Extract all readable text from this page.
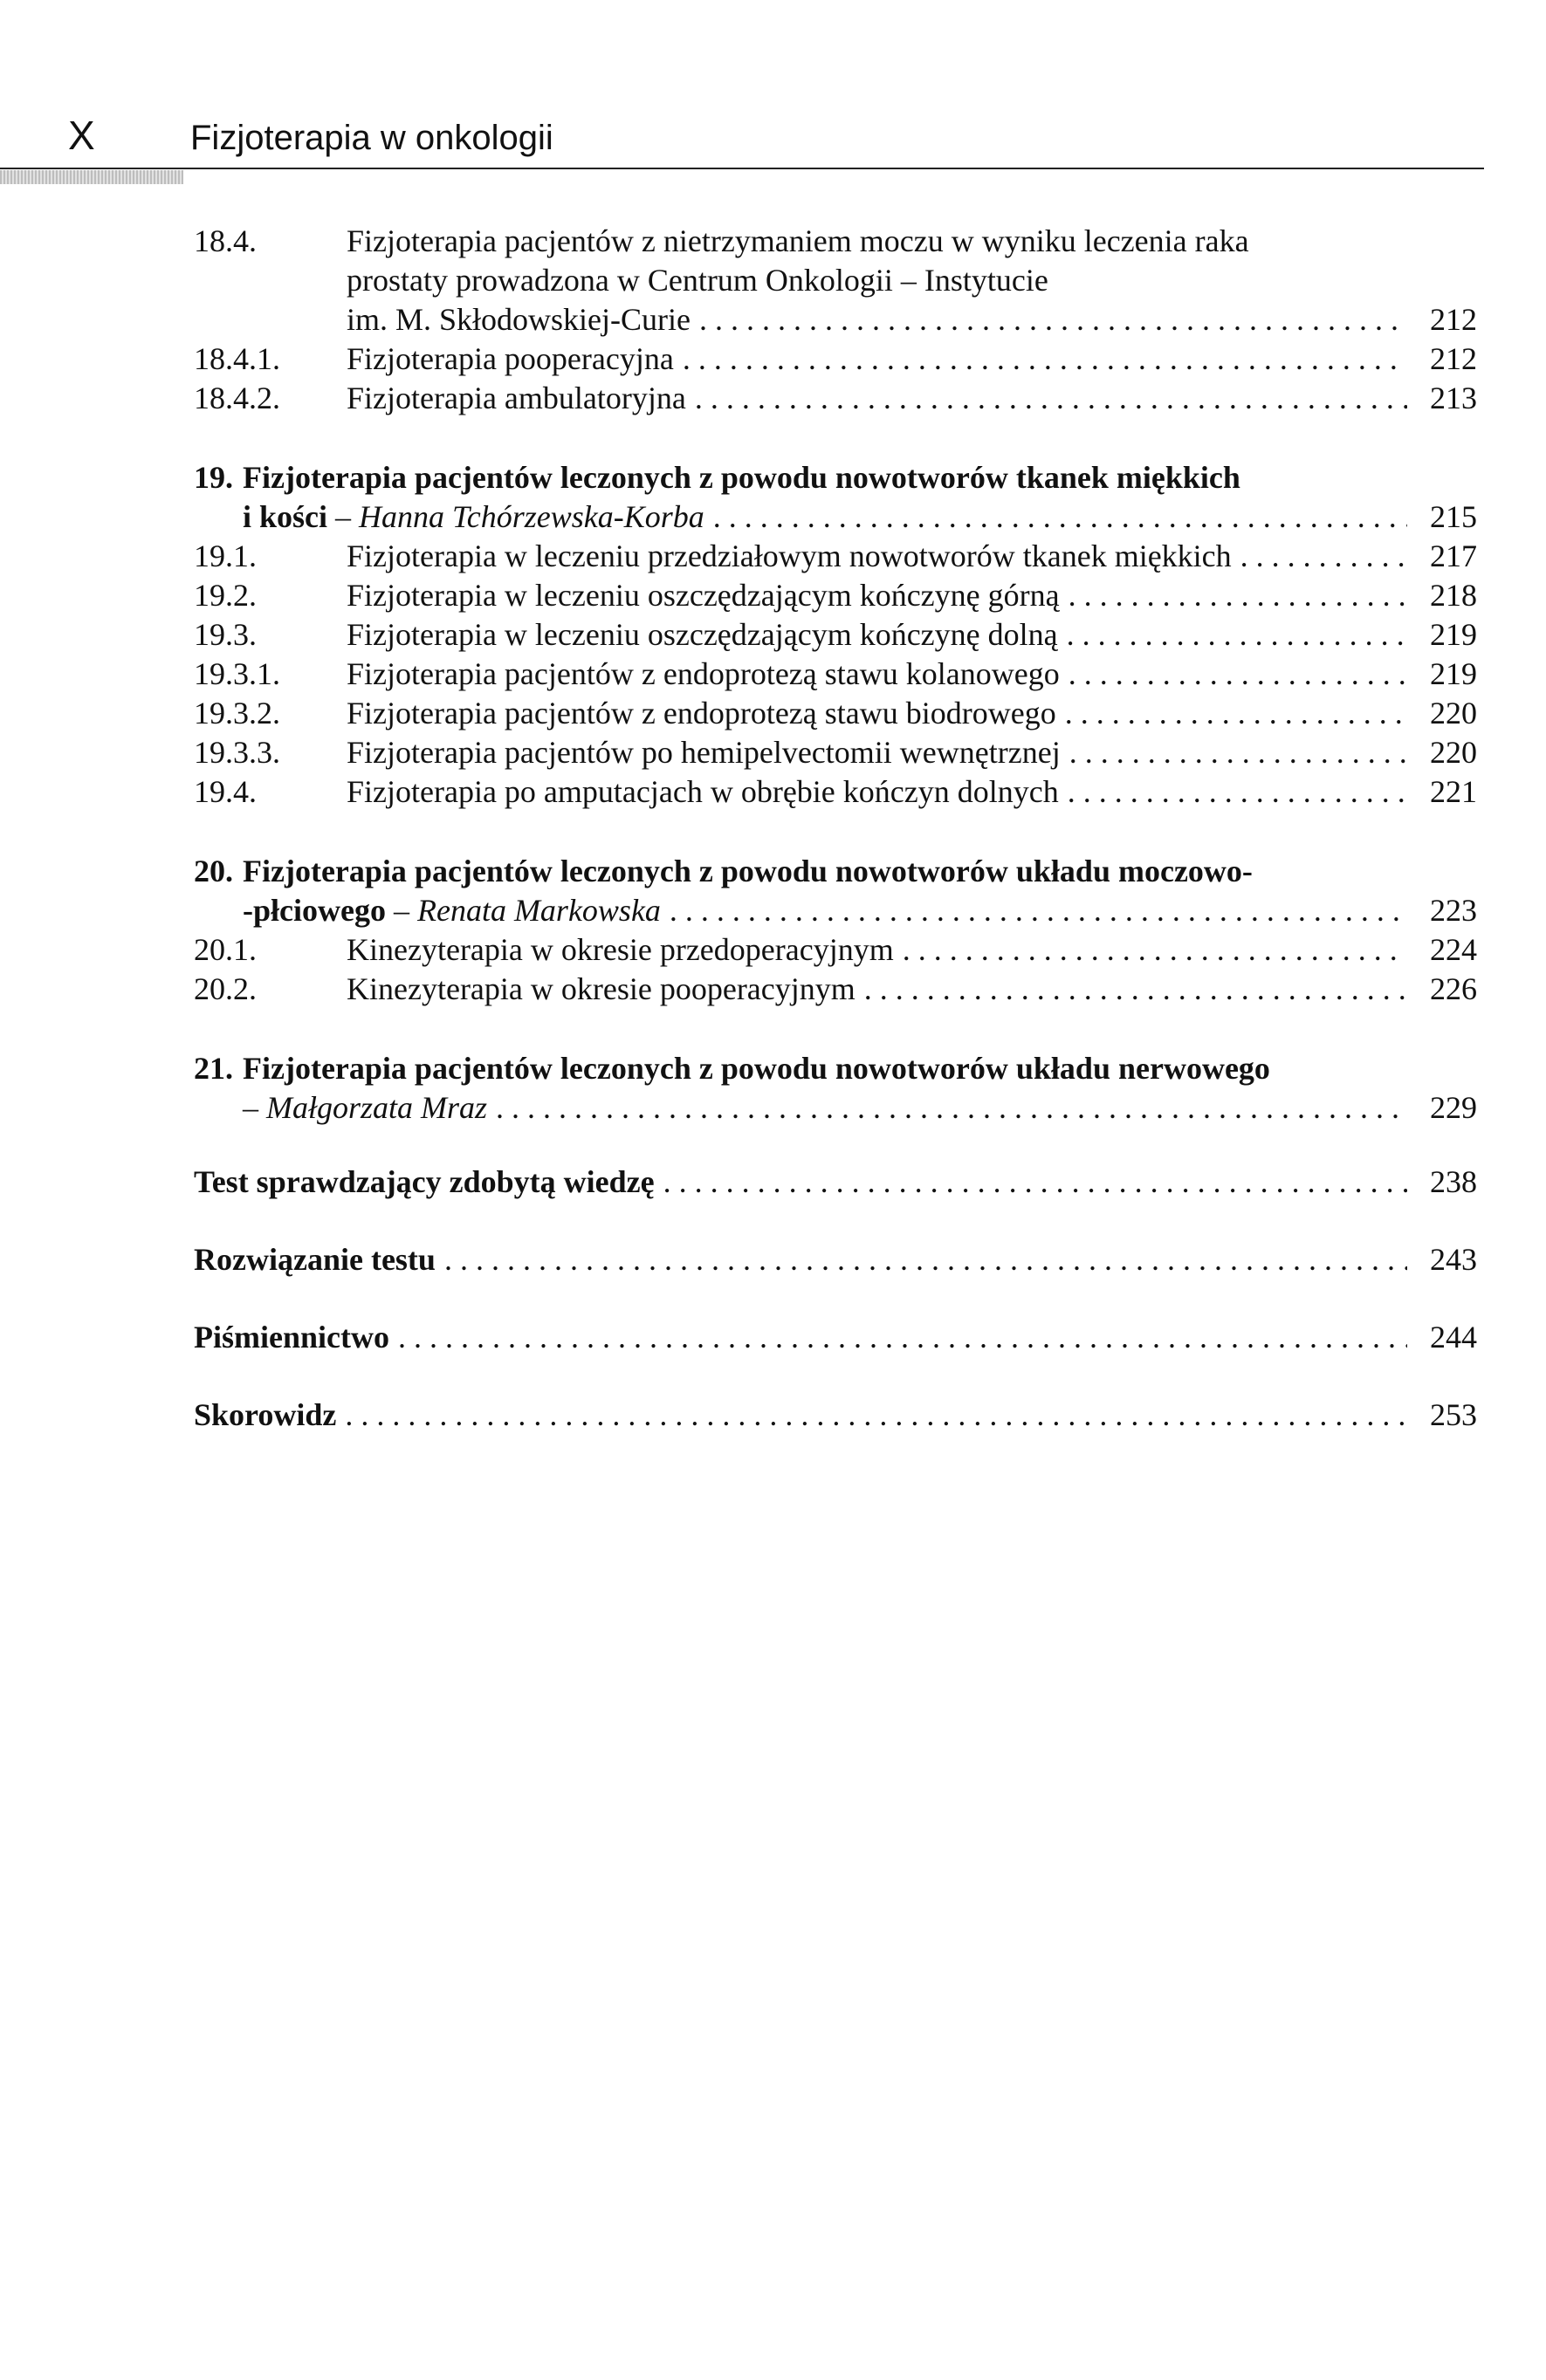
X	Fizjoterapia w onkologii
18.4.	Fizjoterapia pacjentów z nietrzymaniem moczu w wyniku leczenia raka
prostaty prowadzona w Centrum Onkologii – Instytucie
im. M. Skłodowskiej-Curie . . .	212
18.4.1.	Fizjoterapia pooperacyjna . . .	212
18.4.2.	Fizjoterapia ambulatoryjna . . .	213
19. Fizjoterapia pacjentów leczonych z powodu nowotworów tkanek miękkich
i kości – Hanna Tchórzewska-Korba . . .	215
19.1.	Fizjoterapia w leczeniu przedziałowym nowotworów tkanek miękkich . . .	217
19.2.	Fizjoterapia w leczeniu oszczędzającym kończynę górną . . .	218
19.3.	Fizjoterapia w leczeniu oszczędzającym kończynę dolną . . .	219
19.3.1.	Fizjoterapia pacjentów z endoprotezą stawu kolanowego . . .	219
19.3.2.	Fizjoterapia pacjentów z endoprotezą stawu biodrowego . . .	220
19.3.3.	Fizjoterapia pacjentów po hemipelvectomii wewnętrznej . . .	220
19.4.	Fizjoterapia po amputacjach w obrębie kończyn dolnych . . .	221
20. Fizjoterapia pacjentów leczonych z powodu nowotworów układu moczowo-
-płciowego – Renata Markowska . . .	223
20.1.	Kinezyterapia w okresie przedoperacyjnym . . .	224
20.2.	Kinezyterapia w okresie pooperacyjnym . . .	226
21. Fizjoterapia pacjentów leczonych z powodu nowotworów układu nerwowego
– Małgorzata Mraz . . .	229
Test sprawdzający zdobytą wiedzę . . .	238
Rozwiązanie testu . . .	243
Piśmiennictwo . . .	244
Skorowidz . . .	253
